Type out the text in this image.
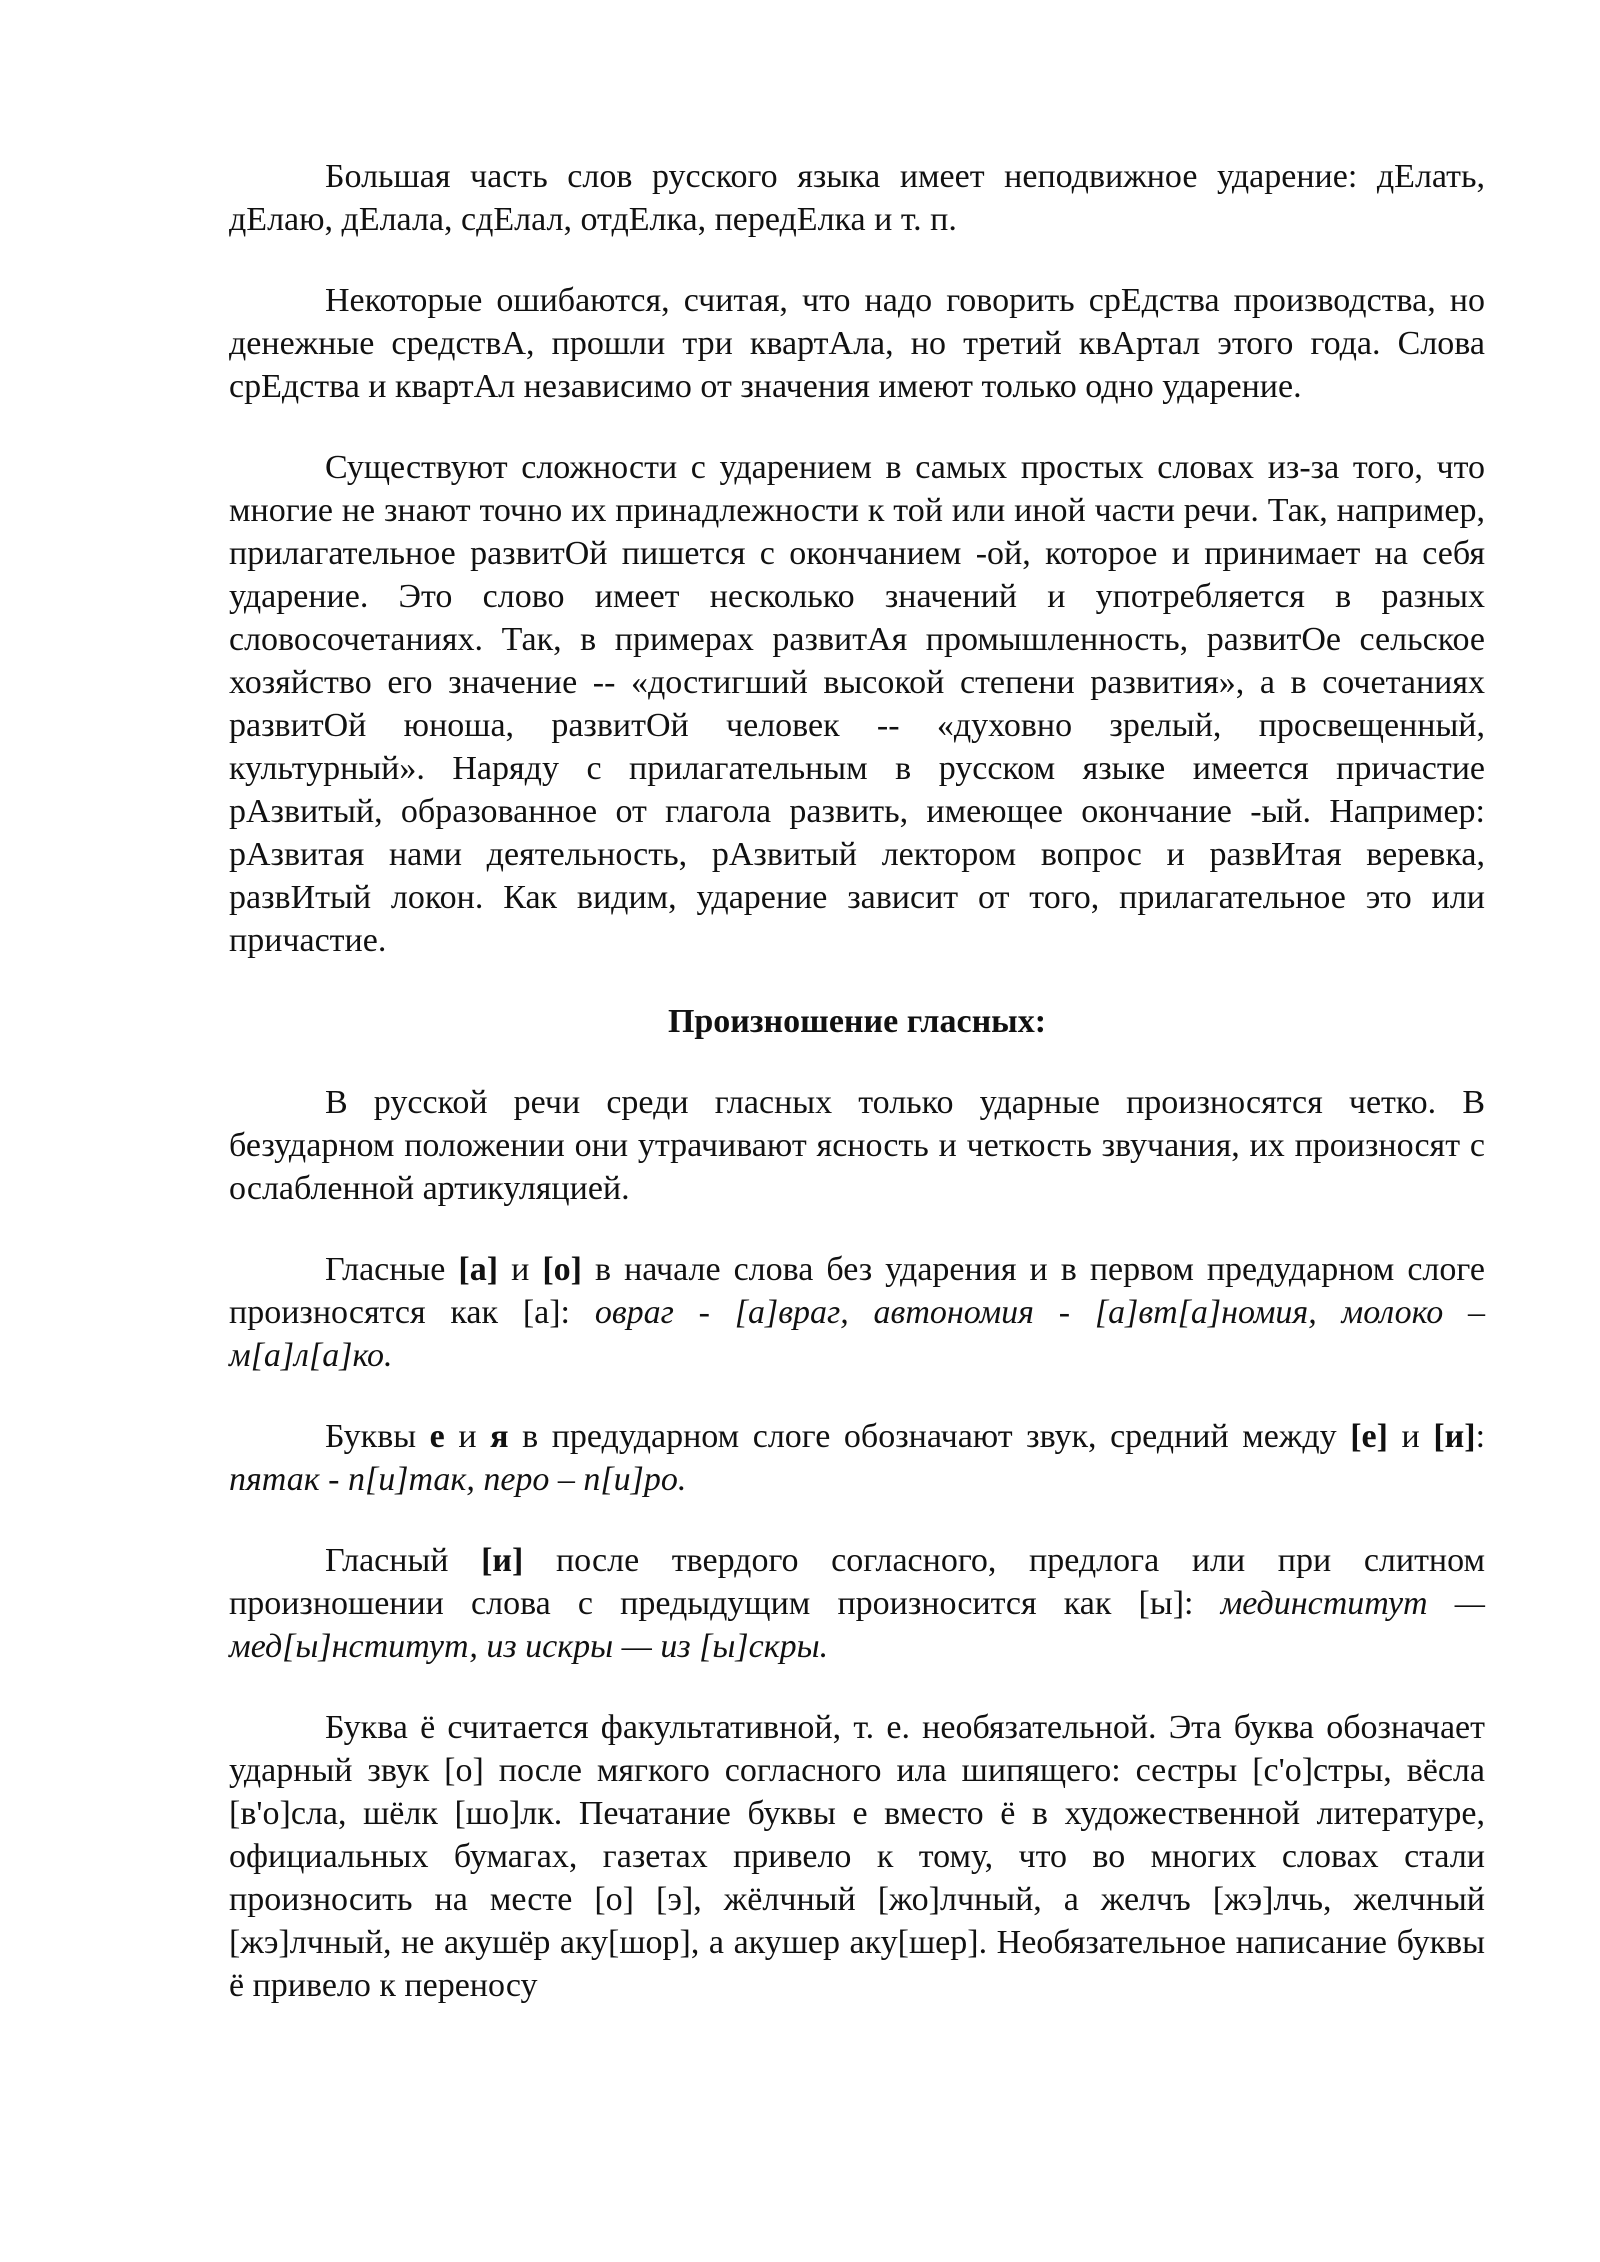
Большая часть слов русского языка имеет неподвижное ударение: дЕлать, дЕлаю, дЕлала, сдЕлал, отдЕлка, передЕлка и т. п.

Некоторые ошибаются, считая, что надо говорить срЕдства производства, но денежные средствА, прошли три квартАла, но третий квАртал этого года. Слова срЕдства и квартАл независимо от значения имеют только одно ударение.

Существуют сложности с ударением в самых простых словах из-за того, что многие не знают точно их принадлежности к той или иной части речи. Так, например, прилагательное развитОй пишется с окончанием -ой, которое и принимает на себя ударение. Это слово имеет несколько значений и употребляется в разных словосочетаниях. Так, в примерах развитАя промышленность, развитОе сельское хозяйство его значение -- «достигший высокой степени развития», а в сочетаниях развитОй юноша, развитОй человек -- «духовно зрелый, просвещенный, культурный». Наряду с прилагательным в русском языке имеется причастие рАзвитый, образованное от глагола развить, имеющее окончание -ый. Например: рАзвитая нами деятельность, рАзвитый лектором вопрос и развИтая веревка, развИтый локон. Как видим, ударение зависит от того, прилагательное это или причастие.

Произношение гласных:

В русской речи среди гласных только ударные произносятся четко. В безударном положении они утрачивают ясность и четкость звучания, их произносят с ослабленной артикуляцией.

Гласные [а] и [о] в начале слова без ударения и в первом предударном слоге произносятся как [а]: овраг - [а]враг, автономия - [а]вт[а]номия, молоко – м[а]л[а]ко.

Буквы е и я в предударном слоге обозначают звук, средний между [е] и [и]: пятак - п[и]так, перо – п[и]ро.

Гласный [и] после твердого согласного, предлога или при слитном произношении слова с предыдущим произносится как [ы]: мединститут — мед[ы]нститут, из искры — из [ы]скры.

Буква ё считается факультативной, т. е. необязательной. Эта буква обозначает ударный звук [о] после мягкого согласного ила шипящего: сестры [с'о]стры, вёсла [в'о]сла, шёлк [шо]лк. Печатание буквы е вместо ё в художественной литературе, официальных бумагах, газетах привело к тому, что во многих словах стали произносить на месте [о] [э], жёлчный [жо]лчный, а желчъ [жэ]лчь, желчный [жэ]лчный, не акушёр аку[шор], а акушер аку[шер]. Необязательное написание буквы ё привело к переносу
